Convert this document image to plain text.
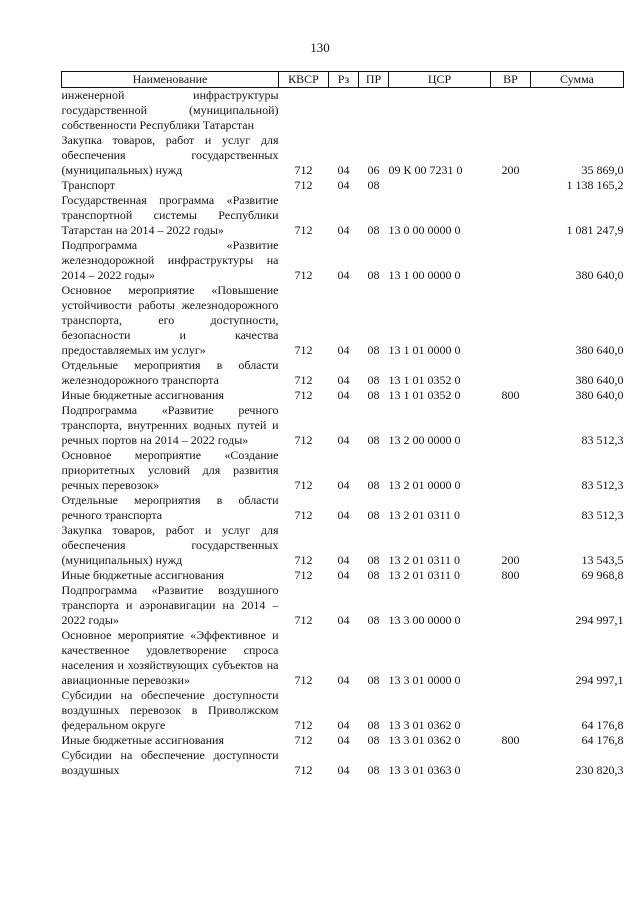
130
Наименование	КВСР	Рз	ПР	ЦСР	ВР	Сумма
инженерной инфраструктуры государственной (муниципальной) собственности Республики Татарстан						
Закупка товаров, работ и услуг для обеспечения государственных (муниципальных) нужд	712	04	06	09 К 00 7231 0	200	35 869,0
Транспорт	712	04	08			1 138 165,2
Государственная программа «Развитие транспортной системы Республики Татарстан на 2014 – 2022 годы»	712	04	08	13 0 00 0000 0		1 081 247,9
Подпрограмма «Развитие железнодорожной инфраструктуры на 2014 – 2022 годы»	712	04	08	13 1 00 0000 0		380 640,0
Основное мероприятие «Повышение устойчивости работы железнодорожного транспорта, его доступности, безопасности и качества предоставляемых им услуг»	712	04	08	13 1 01 0000 0		380 640,0
Отдельные мероприятия в области железнодорожного транспорта	712	04	08	13 1 01 0352 0		380 640,0
Иные бюджетные ассигнования	712	04	08	13 1 01 0352 0	800	380 640,0
Подпрограмма «Развитие речного транспорта, внутренних водных путей и речных портов на 2014 – 2022 годы»	712	04	08	13 2 00 0000 0		83 512,3
Основное мероприятие «Создание приоритетных условий для развития речных перевозок»	712	04	08	13 2 01 0000 0		83 512,3
Отдельные мероприятия в области речного транспорта	712	04	08	13 2 01 0311 0		83 512,3
Закупка товаров, работ и услуг для обеспечения государственных (муниципальных) нужд	712	04	08	13 2 01 0311 0	200	13 543,5
Иные бюджетные ассигнования	712	04	08	13 2 01 0311 0	800	69 968,8
Подпрограмма «Развитие воздушного транспорта и аэронавигации на 2014 – 2022 годы»	712	04	08	13 3 00 0000 0		294 997,1
Основное мероприятие «Эффективное и качественное удовлетворение спроса населения и хозяйствующих субъектов на авиационные перевозки»	712	04	08	13 3 01 0000 0		294 997,1
Субсидии на обеспечение доступности воздушных перевозок в Приволжском федеральном округе	712	04	08	13 3 01 0362 0		64 176,8
Иные бюджетные ассигнования	712	04	08	13 3 01 0362 0	800	64 176,8
Субсидии на обеспечение доступности воздушных	712	04	08	13 3 01 0363 0		230 820,3
